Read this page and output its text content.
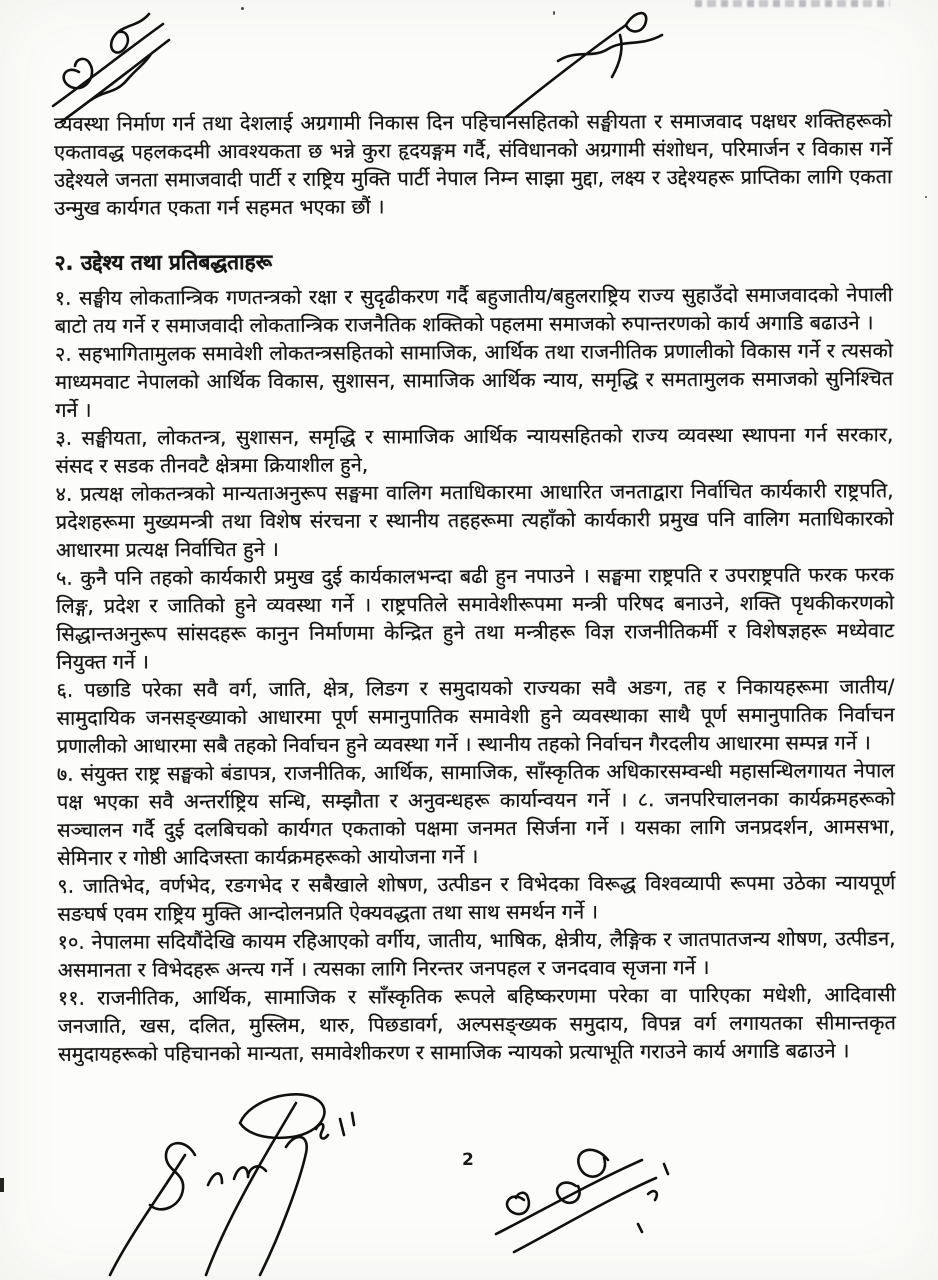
व्यवस्था निर्माण गर्न तथा देशलाई अग्रगामी निकास दिन पहिचानसहितको सङ्घीयता र समाजवाद पक्षधर शक्तिहरूको एकतावद्ध पहलकदमी आवश्यकता छ भन्ने कुरा हृदयङ्गम गर्दै, संविधानको अग्रगामी संशोधन, परिमार्जन र विकास गर्ने उद्देश्यले जनता समाजवादी पार्टी र राष्ट्रिय मुक्ति पार्टी नेपाल निम्न साझा मुद्दा, लक्ष्य र उद्देश्यहरू प्राप्तिका लागि एकता उन्मुख कार्यगत एकता गर्न सहमत भएका छौं ।

२. उद्देश्य तथा प्रतिबद्धताहरू

१. सङ्घीय लोकतान्त्रिक गणतन्त्रको रक्षा र सुदृढीकरण गर्दै बहुजातीय/बहुलराष्ट्रिय राज्य सुहाउँदो समाजवादको नेपाली बाटो तय गर्ने र समाजवादी लोकतान्त्रिक राजनैतिक शक्तिको पहलमा समाजको रुपान्तरणको कार्य अगाडि बढाउने ।

२. सहभागितामुलक समावेशी लोकतन्त्रसहितको सामाजिक, आर्थिक तथा राजनीतिक प्रणालीको विकास गर्ने र त्यसको माध्यमवाट नेपालको आर्थिक विकास, सुशासन, सामाजिक आर्थिक न्याय, समृद्धि र समतामुलक समाजको सुनिश्चित गर्ने ।

३. सङ्घीयता, लोकतन्त्र, सुशासन, समृद्धि र सामाजिक आर्थिक न्यायसहितको राज्य व्यवस्था स्थापना गर्न सरकार, संसद र सडक तीनवटै क्षेत्रमा क्रियाशील हुने,

४. प्रत्यक्ष लोकतन्त्रको मान्यताअनुरूप सङ्घमा वालिग मताधिकारमा आधारित जनताद्वारा निर्वाचित कार्यकारी राष्ट्रपति, प्रदेशहरूमा मुख्यमन्त्री तथा विशेष संरचना र स्थानीय तहहरूमा त्यहाँको कार्यकारी प्रमुख पनि वालिग मताधिकारको आधारमा प्रत्यक्ष निर्वाचित हुने ।

५. कुनै पनि तहको कार्यकारी प्रमुख दुई कार्यकालभन्दा बढी हुन नपाउने । सङ्घमा राष्ट्रपति र उपराष्ट्रपति फरक फरक लिङ्ग, प्रदेश र जातिको हुने व्यवस्था गर्ने । राष्ट्रपतिले समावेशीरूपमा मन्त्री परिषद बनाउने, शक्ति पृथकीकरणको सिद्धान्तअनुरूप सांसदहरू कानुन निर्माणमा केन्द्रित हुने तथा मन्त्रीहरू विज्ञ राजनीतिकर्मी र विशेषज्ञहरू मध्येवाट नियुक्त गर्ने ।

६. पछाडि परेका सवै वर्ग, जाति, क्षेत्र, लिङग र समुदायको राज्यका सवै अङग, तह र निकायहरूमा जातीय/सामुदायिक जनसङ्ख्याको आधारमा पूर्ण समानुपातिक समावेशी हुने व्यवस्थाका साथै पूर्ण समानुपातिक निर्वाचन प्रणालीको आधारमा सबै तहको निर्वाचन हुने व्यवस्था गर्ने । स्थानीय तहको निर्वाचन गैरदलीय आधारमा सम्पन्न गर्ने ।

७. संयुक्त राष्ट्र सङ्घको बंडापत्र, राजनीतिक, आर्थिक, सामाजिक, साँस्कृतिक अधिकारसम्वन्धी महासन्धिलगायत नेपाल पक्ष भएका सवै अन्तर्राष्ट्रिय सन्धि, सम्झौता र अनुवन्धहरू कार्यान्वयन गर्ने । ८. जनपरिचालनका कार्यक्रमहरूको सञ्चालन गर्दै दुई दलबिचको कार्यगत एकताको पक्षमा जनमत सिर्जना गर्ने । यसका लागि जनप्रदर्शन, आमसभा, सेमिनार र गोष्ठी आदिजस्ता कार्यक्रमहरूको आयोजना गर्ने ।

९. जातिभेद, वर्णभेद, रङगभेद र सबैखाले शोषण, उत्पीडन र विभेदका विरूद्ध विश्वव्यापी रूपमा उठेका न्यायपूर्ण सङघर्ष एवम राष्ट्रिय मुक्ति आन्दोलनप्रति ऐक्यवद्धता तथा साथ समर्थन गर्ने ।

१०. नेपालमा सदियौंदेखि कायम रहिआएको वर्गीय, जातीय, भाषिक, क्षेत्रीय, लैङ्गिक र जातपातजन्य शोषण, उत्पीडन, असमानता र विभेदहरू अन्त्य गर्ने । त्यसका लागि निरन्तर जनपहल र जनदवाव सृजना गर्ने ।

११. राजनीतिक, आर्थिक, सामाजिक र साँस्कृतिक रूपले बहिष्करणमा परेका वा पारिएका मधेशी, आदिवासी जनजाति, खस, दलित, मुस्लिम, थारु, पिछडावर्ग, अल्पसङ्ख्यक समुदाय, विपन्न वर्ग लगायतका सीमान्तकृत समुदायहरूको पहिचानको मान्यता, समावेशीकरण र सामाजिक न्यायको प्रत्याभूति गराउने कार्य अगाडि बढाउने ।

2
